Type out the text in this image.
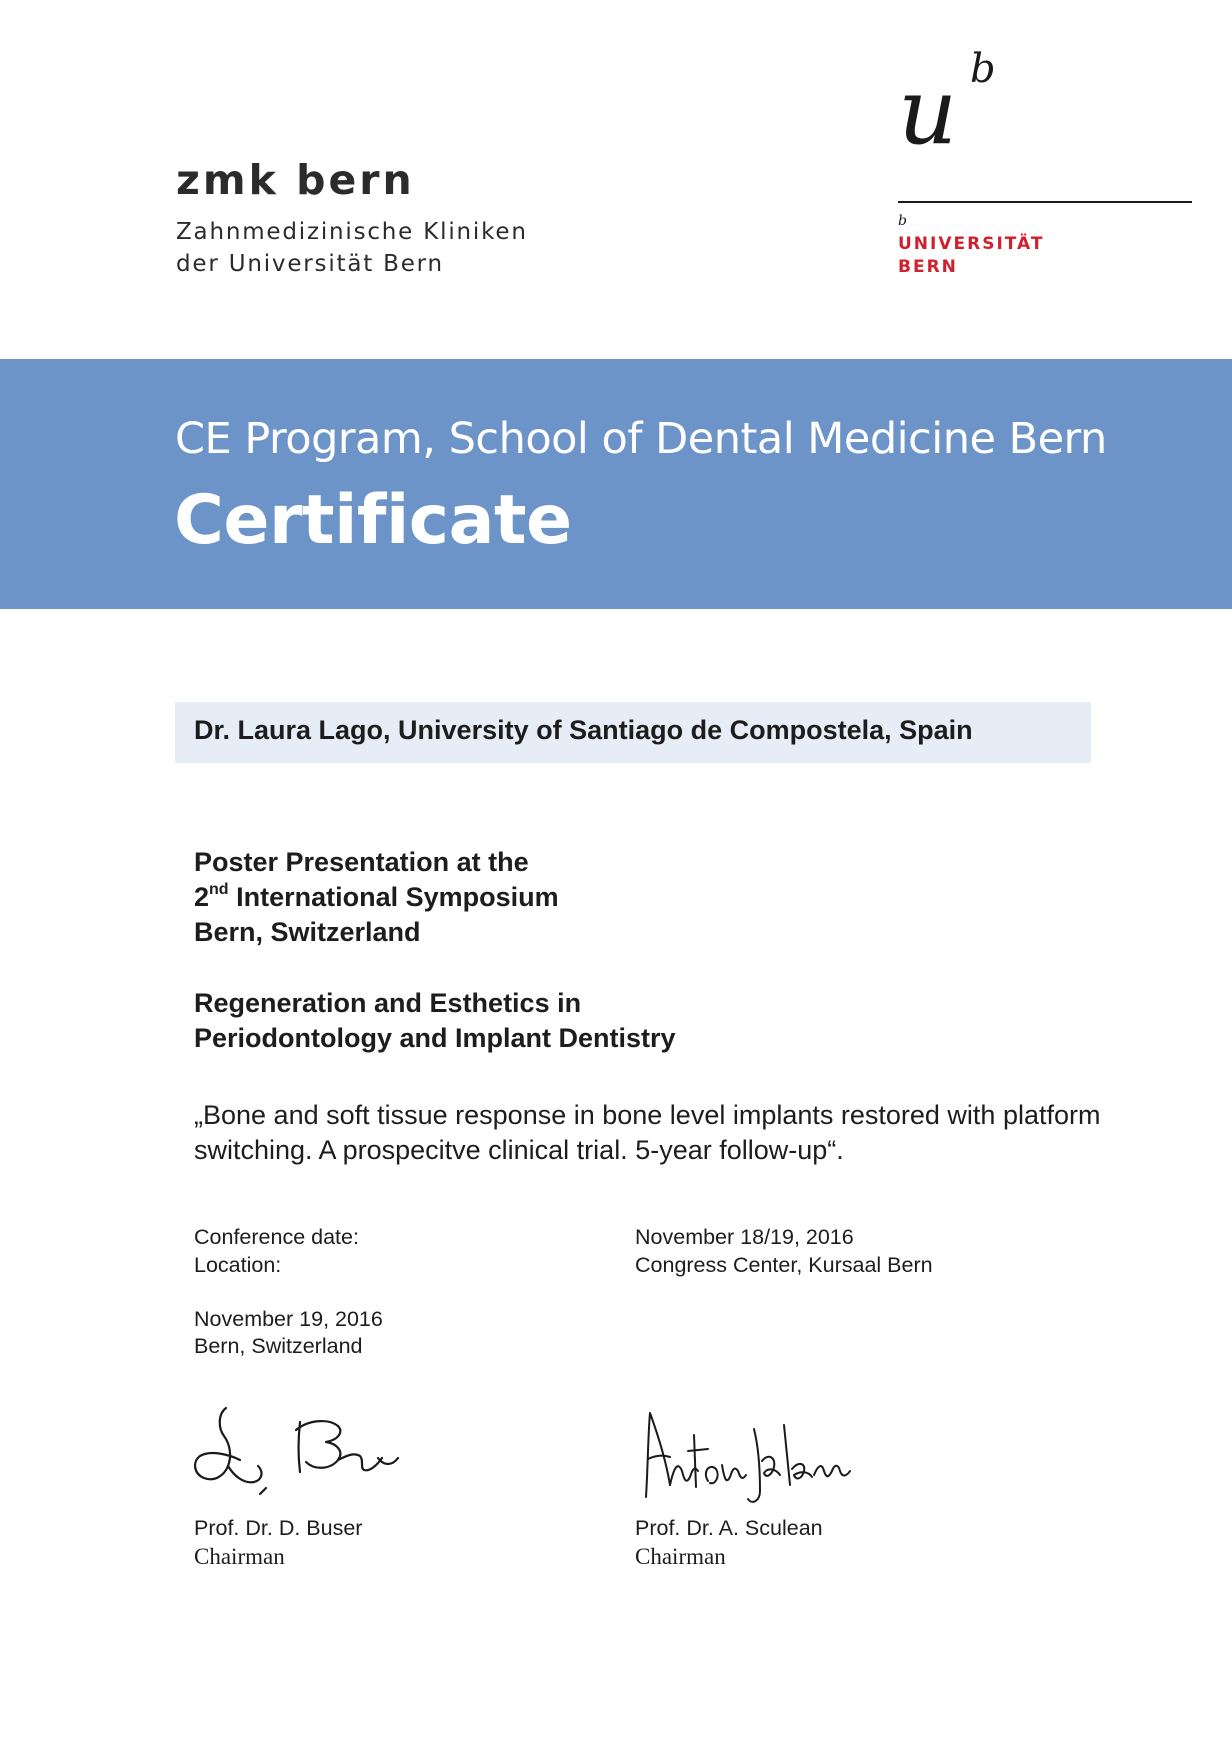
zmk bern
Zahnmedizinische Kliniken
der Universität Bern
u b
b
UNIVERSITÄT
BERN
CE Program, School of Dental Medicine Bern
Certificate
Dr. Laura Lago, University of Santiago de Compostela, Spain
Poster Presentation at the
2nd International Symposium
Bern, Switzerland
Regeneration and Esthetics in
Periodontology and Implant Dentistry
„Bone and soft tissue response in bone level implants restored with platform
switching. A prospecitve clinical trial. 5-year follow-up“.
Conference date:
Location:
November 18/19, 2016
Congress Center, Kursaal Bern
November 19, 2016
Bern, Switzerland
Prof. Dr. D. Buser
Chairman
Prof. Dr. A. Sculean
Chairman
